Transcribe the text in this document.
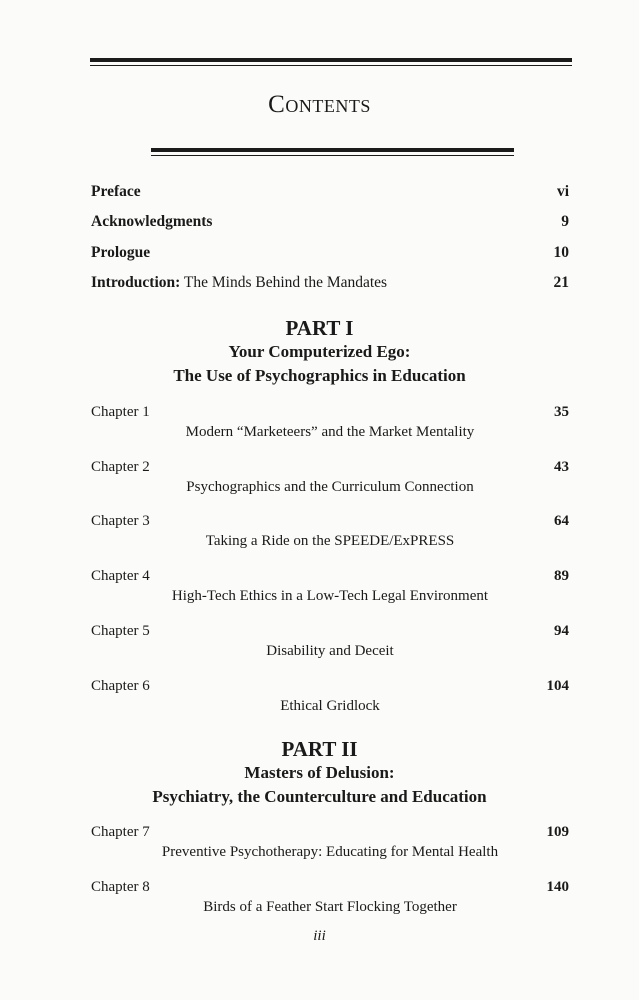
Contents
Preface	vi
Acknowledgments	9
Prologue	10
Introduction: The Minds Behind the Mandates	21
PART I
Your Computerized Ego:
The Use of Psychographics in Education
Chapter 1	35
Modern “Marketeers” and the Market Mentality
Chapter 2	43
Psychographics and the Curriculum Connection
Chapter 3	64
Taking a Ride on the SPEEDE/ExPRESS
Chapter 4	89
High-Tech Ethics in a Low-Tech Legal Environment
Chapter 5	94
Disability and Deceit
Chapter 6	104
Ethical Gridlock
PART II
Masters of Delusion:
Psychiatry, the Counterculture and Education
Chapter 7	109
Preventive Psychotherapy: Educating for Mental Health
Chapter 8	140
Birds of a Feather Start Flocking Together
iii
